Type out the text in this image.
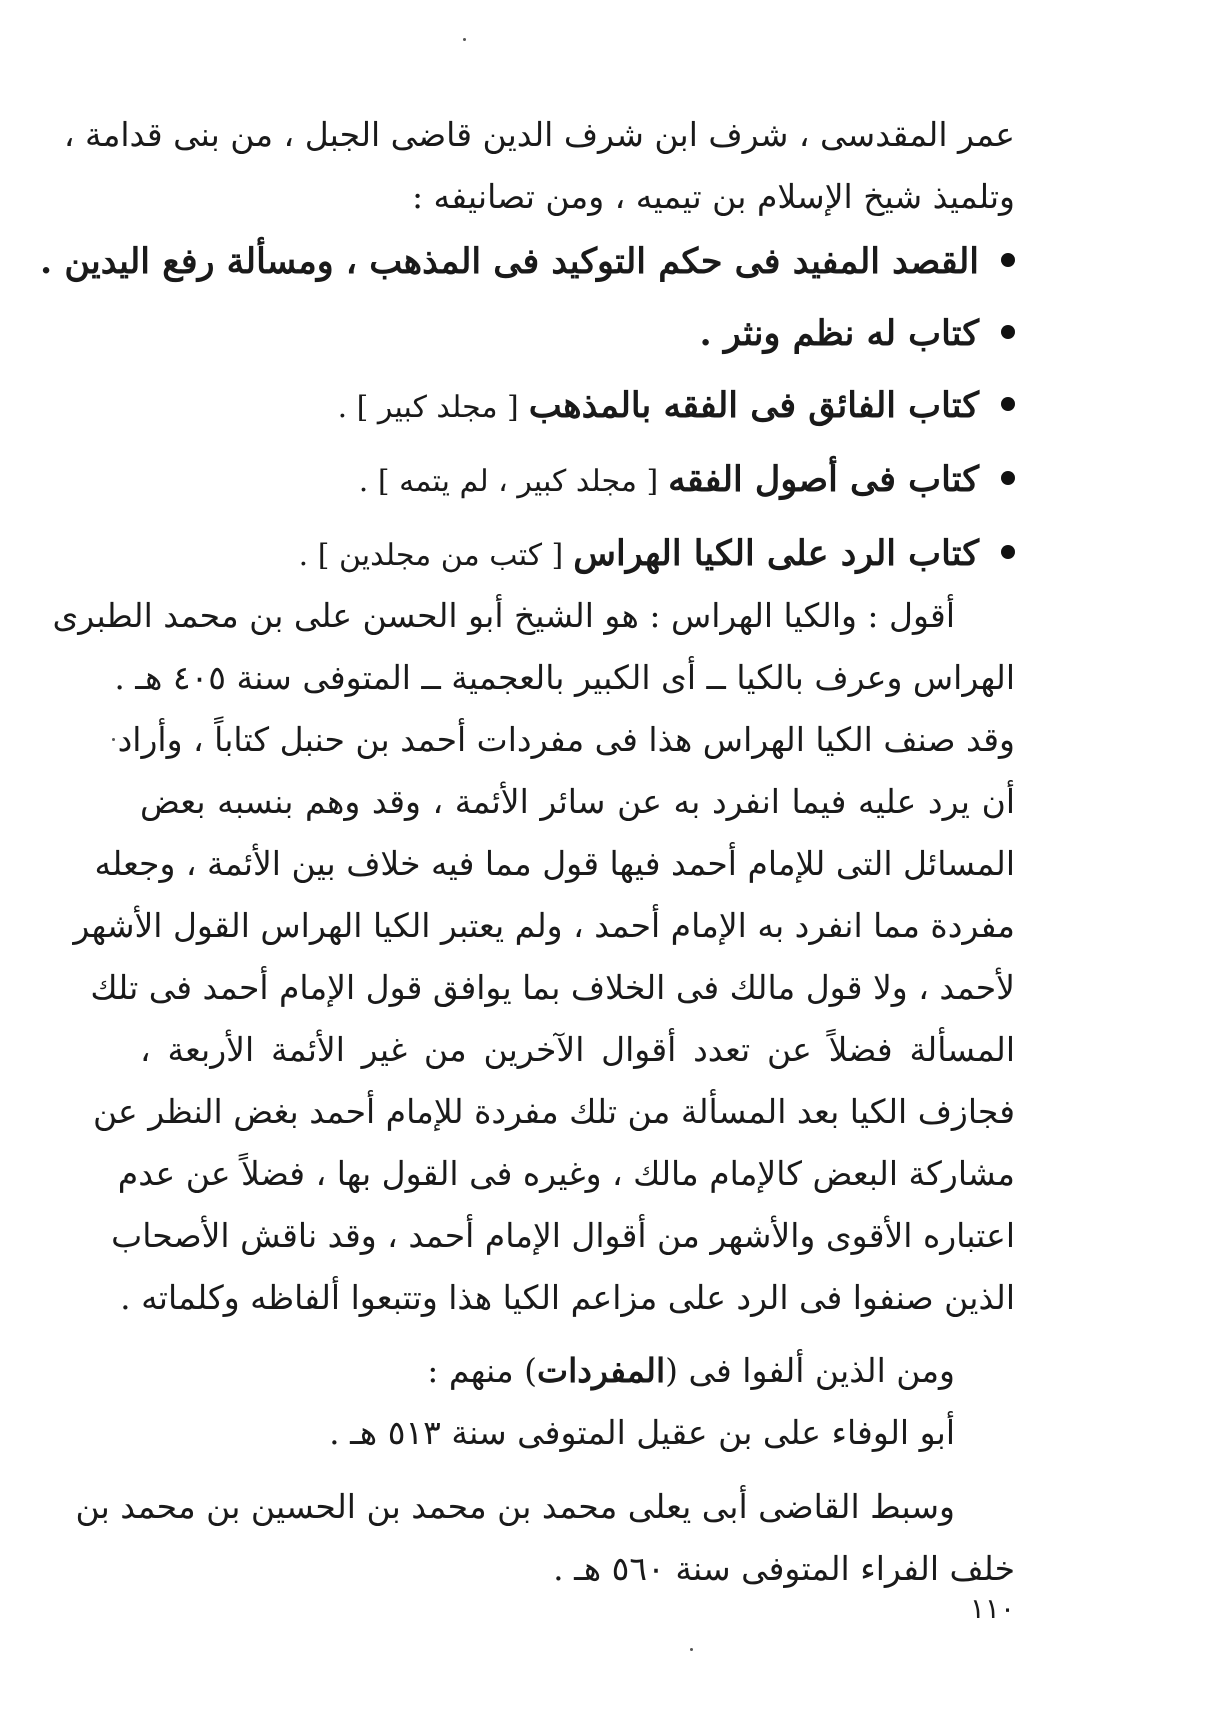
عمر المقدسى ، شرف ابن شرف الدين قاضى الجبل ، من بنى قدامة ،
وتلميذ شيخ الإسلام بن تيميه ، ومن تصانيفه :
القصد المفيد فى حكم التوكيد فى المذهب ، ومسألة رفع اليدين .
كتاب له نظم ونثر .
كتاب الفائق فى الفقه بالمذهب
[ مجلد كبير ] .
كتاب فى أصول الفقه
[ مجلد كبير ، لم يتمه ] .
كتاب الرد على الكيا الهراس
[ كتب من مجلدين ] .
أقول : والكيا الهراس : هو الشيخ أبو الحسن على بن محمد الطبرى
الهراس وعرف بالكيا ــ أى الكبير بالعجمية ــ المتوفى سنة ٤٠٥ هـ .
وقد صنف الكيا الهراس هذا فى مفردات أحمد بن حنبل كتاباً ، وأراد
أن يرد عليه فيما انفرد به عن سائر الأئمة ، وقد وهم بنسبه بعض
المسائل التى للإمام أحمد فيها قول مما فيه خلاف بين الأئمة ، وجعله
مفردة مما انفرد به الإمام أحمد ، ولم يعتبر الكيا الهراس القول الأشهر
لأحمد ، ولا قول مالك فى الخلاف بما يوافق قول الإمام أحمد فى تلك
المسألة فضلاً عن تعدد أقوال الآخرين من غير الأئمة الأربعة ،
فجازف الكيا بعد المسألة من تلك مفردة للإمام أحمد بغض النظر عن
مشاركة البعض كالإمام مالك ، وغيره فى القول بها ، فضلاً عن عدم
اعتباره الأقوى والأشهر من أقوال الإمام أحمد ، وقد ناقش الأصحاب
الذين صنفوا فى الرد على مزاعم الكيا هذا وتتبعوا ألفاظه وكلماته .
ومن الذين ألفوا فى (المفردات) منهم :
أبو الوفاء على بن عقيل المتوفى سنة ٥١٣ هـ .
وسبط القاضى أبى يعلى محمد بن محمد بن الحسين بن محمد بن
خلف الفراء المتوفى سنة ٥٦٠ هـ .
١١٠
